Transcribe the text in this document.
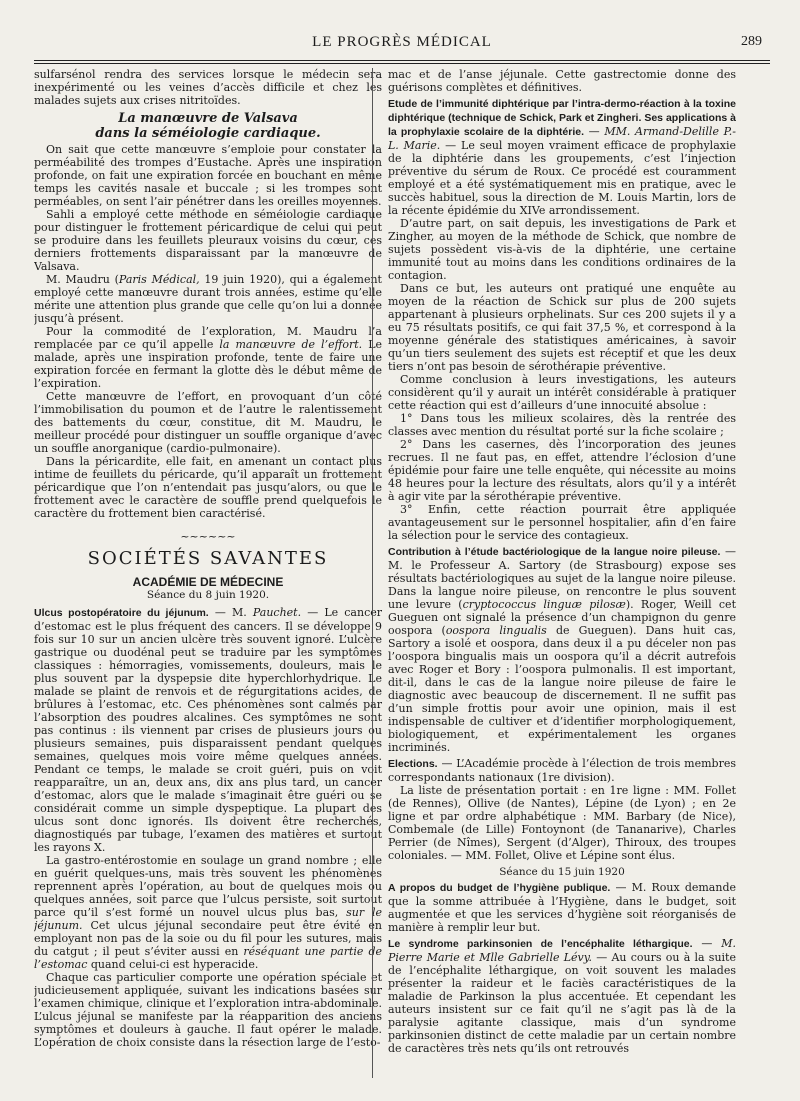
LE PROGRÈS MÉDICAL	289

sulfarsénol rendra des services lorsque le médecin sera inexpérimenté ou les veines d’accès difficile et chez les malades sujets aux crises nitritoïdes.

La manœuvre de Valsava
dans la séméiologie cardiaque.

On sait que cette manœuvre s’emploie pour constater la perméabilité des trompes d’Eustache. Après une inspiration profonde, on fait une expiration forcée en bouchant en même temps les cavités nasale et buccale ; si les trompes sont perméables, on sent l’air pénétrer dans les oreilles moyennes.

Sahli a employé cette méthode en séméiologie cardiaque pour distinguer le frottement péricardique de celui qui peut se produire dans les feuillets pleuraux voisins du cœur, ces derniers frottements disparaissant par la manœuvre de Valsava.

M. Maudru (Paris Médical, 19 juin 1920), qui a également employé cette manœuvre durant trois années, estime qu’elle mérite une attention plus grande que celle qu’on lui a donnée jusqu’à présent.

Pour la commodité de l’exploration, M. Maudru l’a remplacée par ce qu’il appelle la manœuvre de l’effort. Le malade, après une inspiration profonde, tente de faire une expiration forcée en fermant la glotte dès le début même de l’expiration.

Cette manœuvre de l’effort, en provoquant d’un côté l’immobilisation du poumon et de l’autre le ralentissement des battements du cœur, constitue, dit M. Maudru, le meilleur procédé pour distinguer un souffle organique d’avec un souffle anorganique (cardio-pulmonaire).

Dans la péricardite, elle fait, en amenant un contact plus intime de feuillets du péricarde, qu’il apparaît un frottement péricardique que l’on n’entendait pas jusqu’alors, ou que le frottement avec le caractère de souffle prend quelquefois le caractère du frottement bien caractérisé.

~~~~~~
SOCIÉTÉS SAVANTES
ACADÉMIE DE MÉDECINE

Séance du 8 juin 1920.

Ulcus postopératoire du jéjunum. — M. Pauchet. — Le cancer d’estomac est le plus fréquent des cancers. Il se développe 9 fois sur 10 sur un ancien ulcère très souvent ignoré. L’ulcère gastrique ou duodénal peut se traduire par les symptômes classiques : hémorragies, vomissements, douleurs, mais le plus souvent par la dyspepsie dite hyperchlorhydrique. Le malade se plaint de renvois et de régurgitations acides, de brûlures à l’estomac, etc. Ces phénomènes sont calmés par l’absorption des poudres alcalines. Ces symptômes ne sont pas continus : ils viennent par crises de plusieurs jours ou plusieurs semaines, puis disparaissent pendant quelques semaines, quelques mois voire même quelques années. Pendant ce temps, le malade se croit guéri, puis on voit reapparaître, un an, deux ans, dix ans plus tard, un cancer d’estomac, alors que le malade s’imaginait être guéri ou se considérait comme un simple dyspeptique. La plupart des ulcus sont donc ignorés. Ils doivent être recherchés, diagnostiqués par tubage, l’examen des matières et surtout les rayons X.

La gastro-entérostomie en soulage un grand nombre ; elle en guérit quelques-uns, mais très souvent les phénomènes reprennent après l’opération, au bout de quelques mois ou quelques années, soit parce que l’ulcus persiste, soit surtout parce qu’il s’est formé un nouvel ulcus plus bas, sur le jéjunum. Cet ulcus jéjunal secondaire peut être évité en employant non pas de la soie ou du fil pour les sutures, mais du catgut ; il peut s’éviter aussi en réséquant une partie de l’estomac quand celui-ci est hyperacide.

Chaque cas particulier comporte une opération spéciale et judicieusement appliquée, suivant les indications basées sur l’examen chimique, clinique et l’exploration intra-abdominale. L’ulcus jéjunal se manifeste par la réapparition des anciens symptômes et douleurs à gauche. Il faut opérer le malade. L’opération de choix consiste dans la résection large de l’esto-

mac et de l’anse jéjunale. Cette gastrectomie donne des guérisons complètes et définitives.

Etude de l’immunité diphtérique par l’intra-dermo-réaction à la toxine diphtérique (technique de Schick, Park et Zingheri. Ses applications à la prophylaxie scolaire de la diphtérie. — MM. Armand-Delille P.-L. Marie. — Le seul moyen vraiment efficace de prophylaxie de la diphtérie dans les groupements, c’est l’injection préventive du sérum de Roux. Ce procédé est couramment employé et a été systématiquement mis en pratique, avec le succès habituel, sous la direction de M. Louis Martin, lors de la récente épidémie du XIVe arrondissement.

D’autre part, on sait depuis, les investigations de Park et Zingher, au moyen de la méthode de Schick, que nombre de sujets possèdent vis-à-vis de la diphtérie, une certaine immunité tout au moins dans les conditions ordinaires de la contagion.

Dans ce but, les auteurs ont pratiqué une enquête au moyen de la réaction de Schick sur plus de 200 sujets appartenant à plusieurs orphelinats. Sur ces 200 sujets il y a eu 75 résultats positifs, ce qui fait 37,5 %, et correspond à la moyenne générale des statistiques américaines, à savoir qu’un tiers seulement des sujets est réceptif et que les deux tiers n’ont pas besoin de sérothérapie préventive.

Comme conclusion à leurs investigations, les auteurs considèrent qu’il y aurait un intérêt considérable à pratiquer cette réaction qui est d’ailleurs d’une innocuité absolue :

1° Dans tous les milieux scolaires, dès la rentrée des classes avec mention du résultat porté sur la fiche scolaire ;

2° Dans les casernes, dès l’incorporation des jeunes recrues. Il ne faut pas, en effet, attendre l’éclosion d’une épidémie pour faire une telle enquête, qui nécessite au moins 48 heures pour la lecture des résultats, alors qu’il y a intérêt à agir vite par la sérothérapie préventive.

3° Enfin, cette réaction pourrait être appliquée avantageusement sur le personnel hospitalier, afin d’en faire la sélection pour le service des contagieux.

Contribution à l’étude bactériologique de la langue noire pileuse. — M. le Professeur A. Sartory (de Strasbourg) expose ses résultats bactériologiques au sujet de la langue noire pileuse. Dans la langue noire pileuse, on rencontre le plus souvent une levure (cryptococcus linguæ pilosæ). Roger, Weill cet Gueguen ont signalé la présence d’un champignon du genre oospora (oospora lingualis de Gueguen). Dans huit cas, Sartory a isolé et oospora, dans deux il a pu déceler non pas l’oospora bingualis mais un oospora qu’il a décrit autrefois avec Roger et Bory : l’oospora pulmonalis. Il est important, dit-il, dans le cas de la langue noire pileuse de faire le diagnostic avec beaucoup de discernement. Il ne suffit pas d’un simple frottis pour avoir une opinion, mais il est indispensable de cultiver et d’identifier morphologiquement, biologiquement, et expérimentalement les organes incriminés.

Elections. — L’Académie procède à l’élection de trois membres correspondants nationaux (1re division).

La liste de présentation portait : en 1re ligne : MM. Follet (de Rennes), Ollive (de Nantes), Lépine (de Lyon) ; en 2e ligne et par ordre alphabétique : MM. Barbary (de Nice), Combemale (de Lille) Fontoynont (de Tananarive), Charles Perrier (de Nîmes), Sergent (d’Alger), Thiroux, des troupes coloniales. — MM. Follet, Olive et Lépine sont élus.

Séance du 15 juin 1920

A propos du budget de l’hygiène publique. — M. Roux demande que la somme attribuée à l’Hygiène, dans le budget, soit augmentée et que les services d’hygiène soit réorganisés de manière à remplir leur but.

Le syndrome parkinsonien de l’encéphalite léthargique. — M. Pierre Marie et Mlle Gabrielle Lévy. — Au cours ou à la suite de l’encéphalite léthargique, on voit souvent les malades présenter la raideur et le faciès caractéristiques de la maladie de Parkinson la plus accentuée. Et cependant les auteurs insistent sur ce fait qu’il ne s’agit pas là de la paralysie agitante classique, mais d’un syndrome parkinsonien distinct de cette maladie par un certain nombre de caractères très nets qu’ils ont retrouvés
